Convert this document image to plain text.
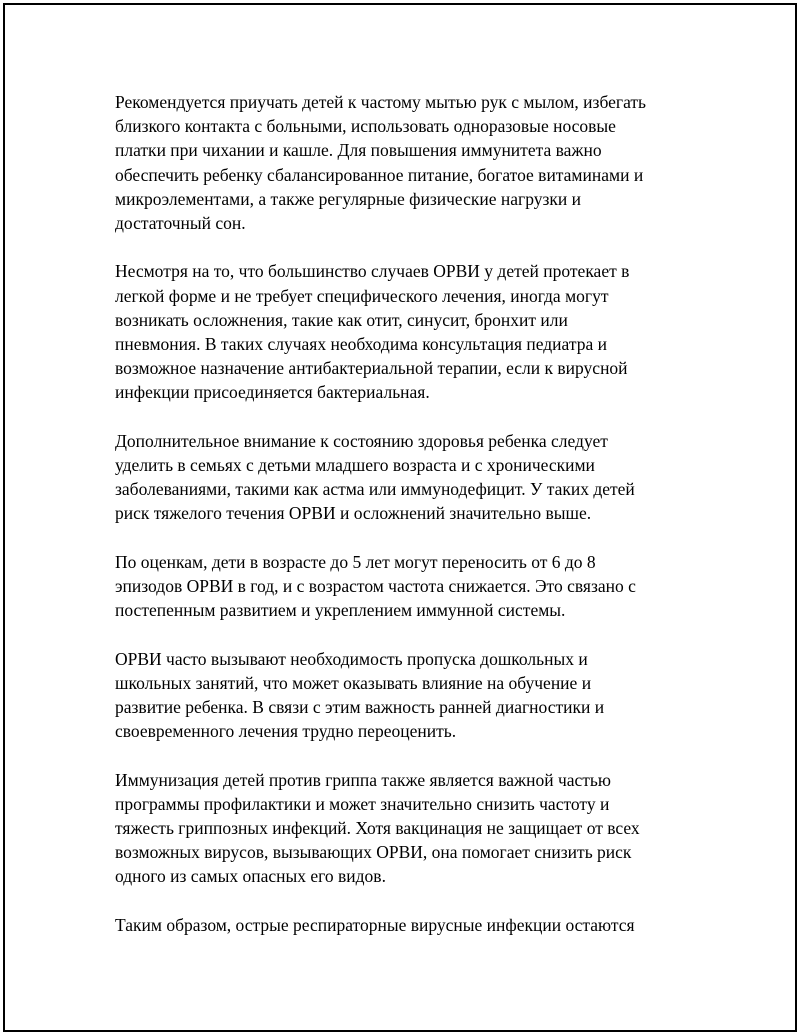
Рекомендуется приучать детей к частому мытью рук с мылом, избегать
близкого контакта с больными, использовать одноразовые носовые
платки при чихании и кашле. Для повышения иммунитета важно
обеспечить ребенку сбалансированное питание, богатое витаминами и
микроэлементами, а также регулярные физические нагрузки и
достаточный сон.

Несмотря на то, что большинство случаев ОРВИ у детей протекает в
легкой форме и не требует специфического лечения, иногда могут
возникать осложнения, такие как отит, синусит, бронхит или
пневмония. В таких случаях необходима консультация педиатра и
возможное назначение антибактериальной терапии, если к вирусной
инфекции присоединяется бактериальная.

Дополнительное внимание к состоянию здоровья ребенка следует
уделить в семьях с детьми младшего возраста и с хроническими
заболеваниями, такими как астма или иммунодефицит. У таких детей
риск тяжелого течения ОРВИ и осложнений значительно выше.

По оценкам, дети в возрасте до 5 лет могут переносить от 6 до 8
эпизодов ОРВИ в год, и с возрастом частота снижается. Это связано с
постепенным развитием и укреплением иммунной системы.

ОРВИ часто вызывают необходимость пропуска дошкольных и
школьных занятий, что может оказывать влияние на обучение и
развитие ребенка. В связи с этим важность ранней диагностики и
своевременного лечения трудно переоценить.

Иммунизация детей против гриппа также является важной частью
программы профилактики и может значительно снизить частоту и
тяжесть гриппозных инфекций. Хотя вакцинация не защищает от всех
возможных вирусов, вызывающих ОРВИ, она помогает снизить риск
одного из самых опасных его видов.

Таким образом, острые респираторные вирусные инфекции остаются
